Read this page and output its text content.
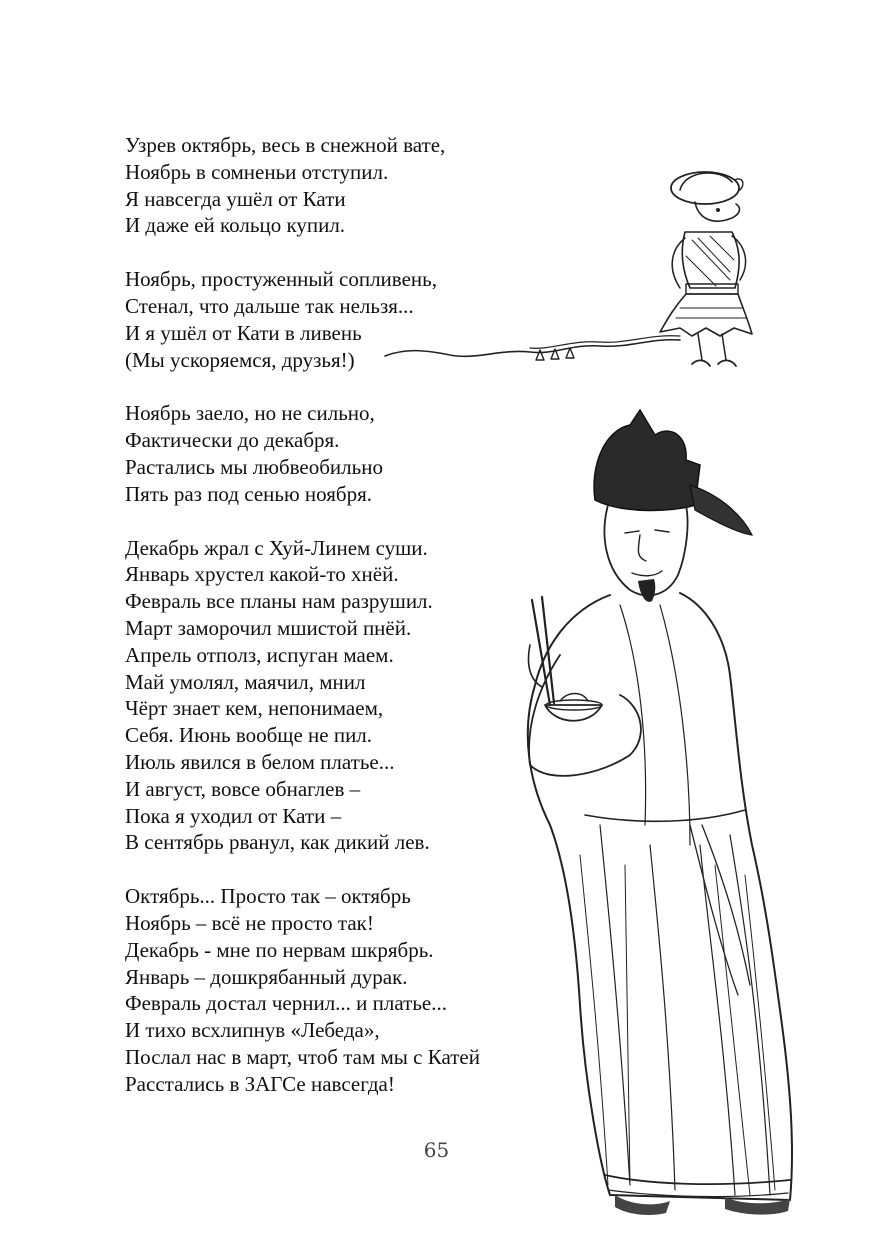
Узрев октябрь, весь в снежной вате,
Ноябрь в сомненьи отступил.
Я навсегда ушёл от Кати
И даже ей кольцо купил.
Ноябрь, простуженный сопливень,
Стенал, что дальше так нельзя...
И я ушёл от Кати в ливень
(Мы ускоряемся, друзья!)
Ноябрь заело, но не сильно,
Фактически до декабря.
Растались мы любвеобильно
Пять раз под сенью ноября.
Декабрь жрал с Хуй-Линем суши.
Январь хрустел какой-то хнёй.
Февраль все планы нам разрушил.
Март заморочил мшистой пнёй.
Апрель отполз, испуган маем.
Май умолял, маячил, мнил
Чёрт знает кем, непонимаем,
Себя. Июнь вообще не пил.
Июль явился в белом платье...
И август, вовсе обнаглев –
Пока я уходил от Кати –
В сентябрь рванул, как дикий лев.
Октябрь... Просто так – октябрь
Ноябрь – всё не просто так!
Декабрь - мне по нервам шкрябрь.
Январь – дошкрябанный дурак.
Февраль достал чернил... и платье...
И тихо всхлипнув «Лебеда»,
Послал нас в март, чтоб там мы с Катей
Расстались в ЗАГСе навсегда!
65
